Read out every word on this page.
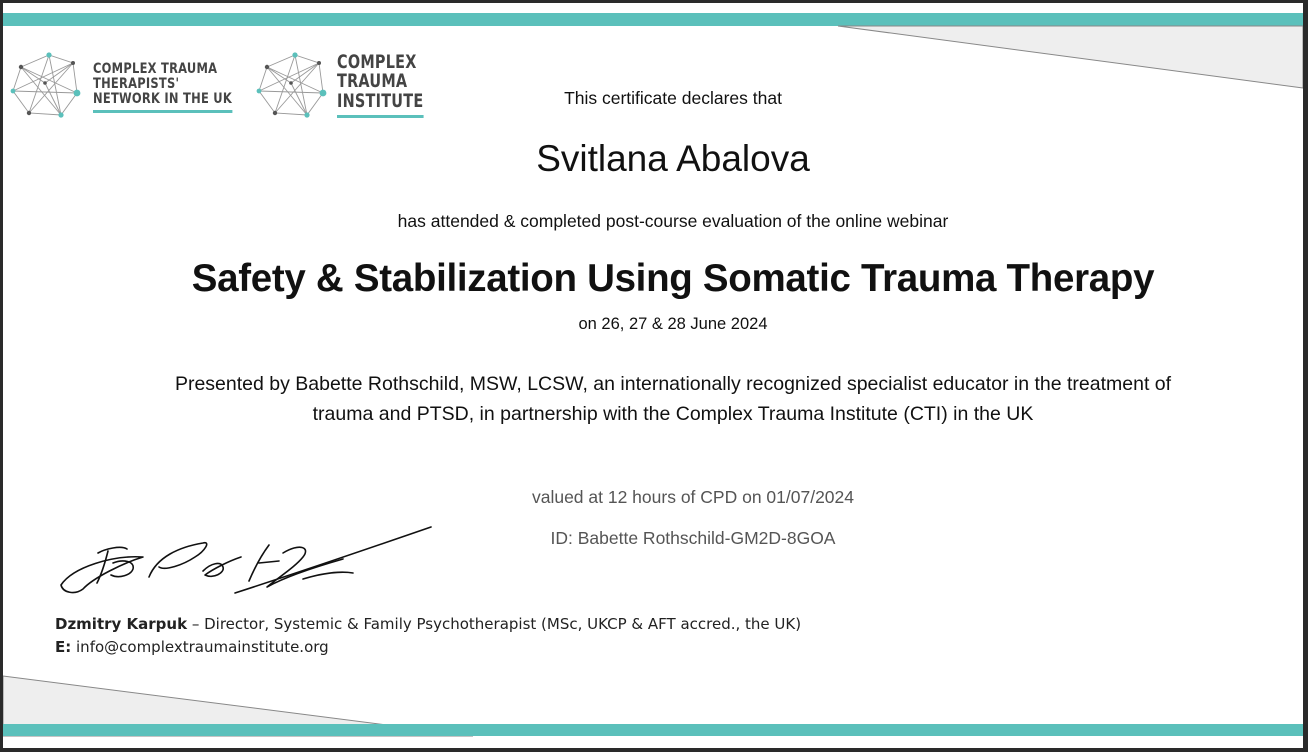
COMPLEX TRAUMA
THERAPISTS'
NETWORK IN THE UK
COMPLEX
TRAUMA
INSTITUTE	This certificate declares that

Svitlana Abalova

has attended & completed post-course evaluation of the online webinar

Safety & Stabilization Using Somatic Trauma Therapy

on 26, 27 & 28 June 2024

Presented by Babette Rothschild, MSW, LCSW, an internationally recognized specialist educator in the treatment of
trauma and PTSD, in partnership with the Complex Trauma Institute (CTI) in the UK

valued at 12 hours of CPD on 01/07/2024

ID: Babette Rothschild-GM2D-8GOA

Dzmitry Karpuk – Director, Systemic & Family Psychotherapist (MSc, UKCP & AFT accred., the UK)
E: info@complextraumainstitute.org
